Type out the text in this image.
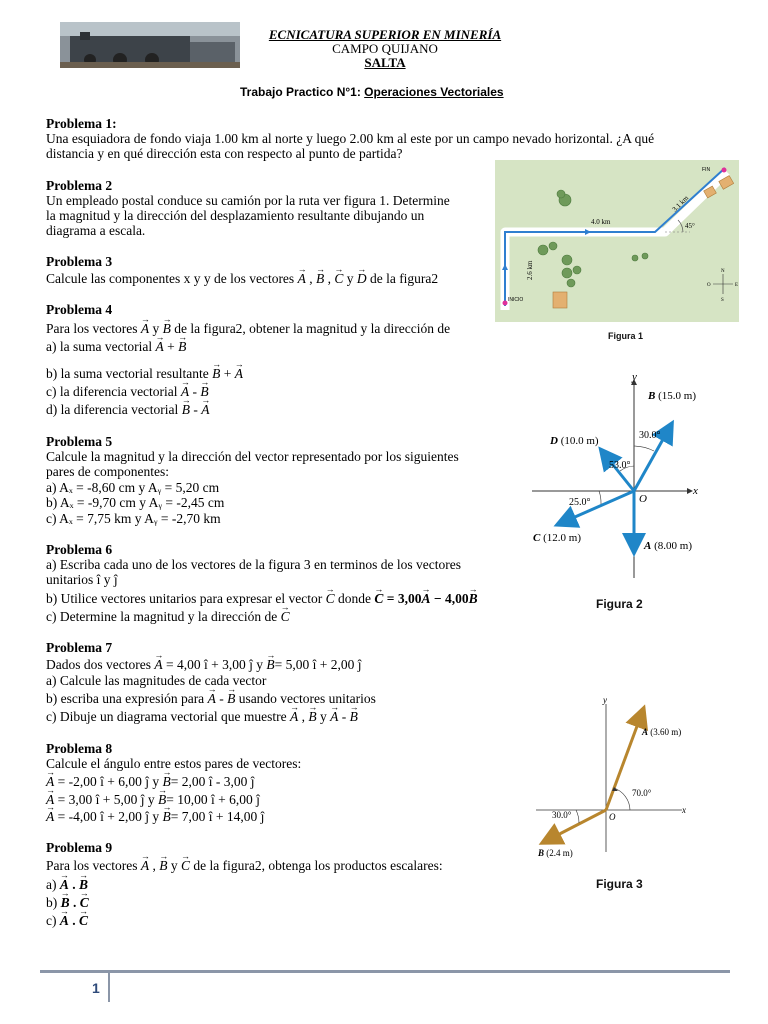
ECNICATURA SUPERIOR EN MINERÍA
CAMPO QUIJANO
SALTA
Trabajo Practico N°1: Operaciones Vectoriales
Problema 1:
Una esquiadora de fondo viaja 1.00 km al norte y luego 2.00 km al este por un campo nevado horizontal. ¿A qué
distancia y en qué dirección esta con respecto al punto de partida?
Problema 2
Un empleado postal conduce su camión por la ruta ver figura 1. Determine
la magnitud y la dirección del desplazamiento resultante dibujando un
diagrama a escala.
Problema 3
Calcule las componentes x y y de los vectores → A , → B , → C y → D de la figura2
Problema 4
Para los vectores → A y → B de la figura2, obtener la magnitud y la dirección de
a) la suma vectorial → A + → B
b) la suma vectorial resultante → B + → A
c) la diferencia vectorial → A - → B
d) la diferencia vectorial → B - → A
Problema 5
Calcule la magnitud y la dirección del vector representado por los siguientes
pares de componentes:
a) Aₓ = -8,60 cm y Aᵧ = 5,20 cm
b) Aₓ = -9,70 cm y Aᵧ = -2,45 cm
c) Aₓ = 7,75 km y Aᵧ = -2,70 km
Problema 6
a) Escriba cada uno de los vectores de la figura 3 en terminos de los vectores
unitarios î y ĵ
b) Utilice vectores unitarios para expresar el vector → C donde → C = 3,00→ A − 4,00→ B
c) Determine la magnitud y la dirección de → C
Problema 7
Dados dos vectores → A = 4,00 î + 3,00 ĵ y → B= 5,00 î + 2,00 ĵ
a) Calcule las magnitudes de cada vector
b) escriba una expresión para → A - → B usando vectores unitarios
c) Dibuje un diagrama vectorial que muestre → A , → B y → A - → B
Problema 8
Calcule el ángulo entre estos pares de vectores:
→ A = -2,00 î + 6,00 ĵ y → B= 2,00 î - 3,00 ĵ
→ A = 3,00 î + 5,00 ĵ y → B= 10,00 î + 6,00 ĵ
→ A = -4,00 î + 2,00 ĵ y → B= 7,00 î + 14,00 ĵ
Problema 9
Para los vectores → A , → B y → C de la figura2, obtenga los productos escalares:
a) → A . → B
b) → B . → C
c) → A . → C
45°
4.0 km
3.1 km
2.6 km
FIN
INICIO
N
S
E
O
Figura 1
x
y
O
B (15.0 m)
D (10.0 m)
C (12.0 m)
A (8.00 m)
30.0°
53.0°
25.0°
Figura 2
x
y
O
A (3.60 m)
B (2.4 m)
70.0°
30.0°
Figura 3
1
